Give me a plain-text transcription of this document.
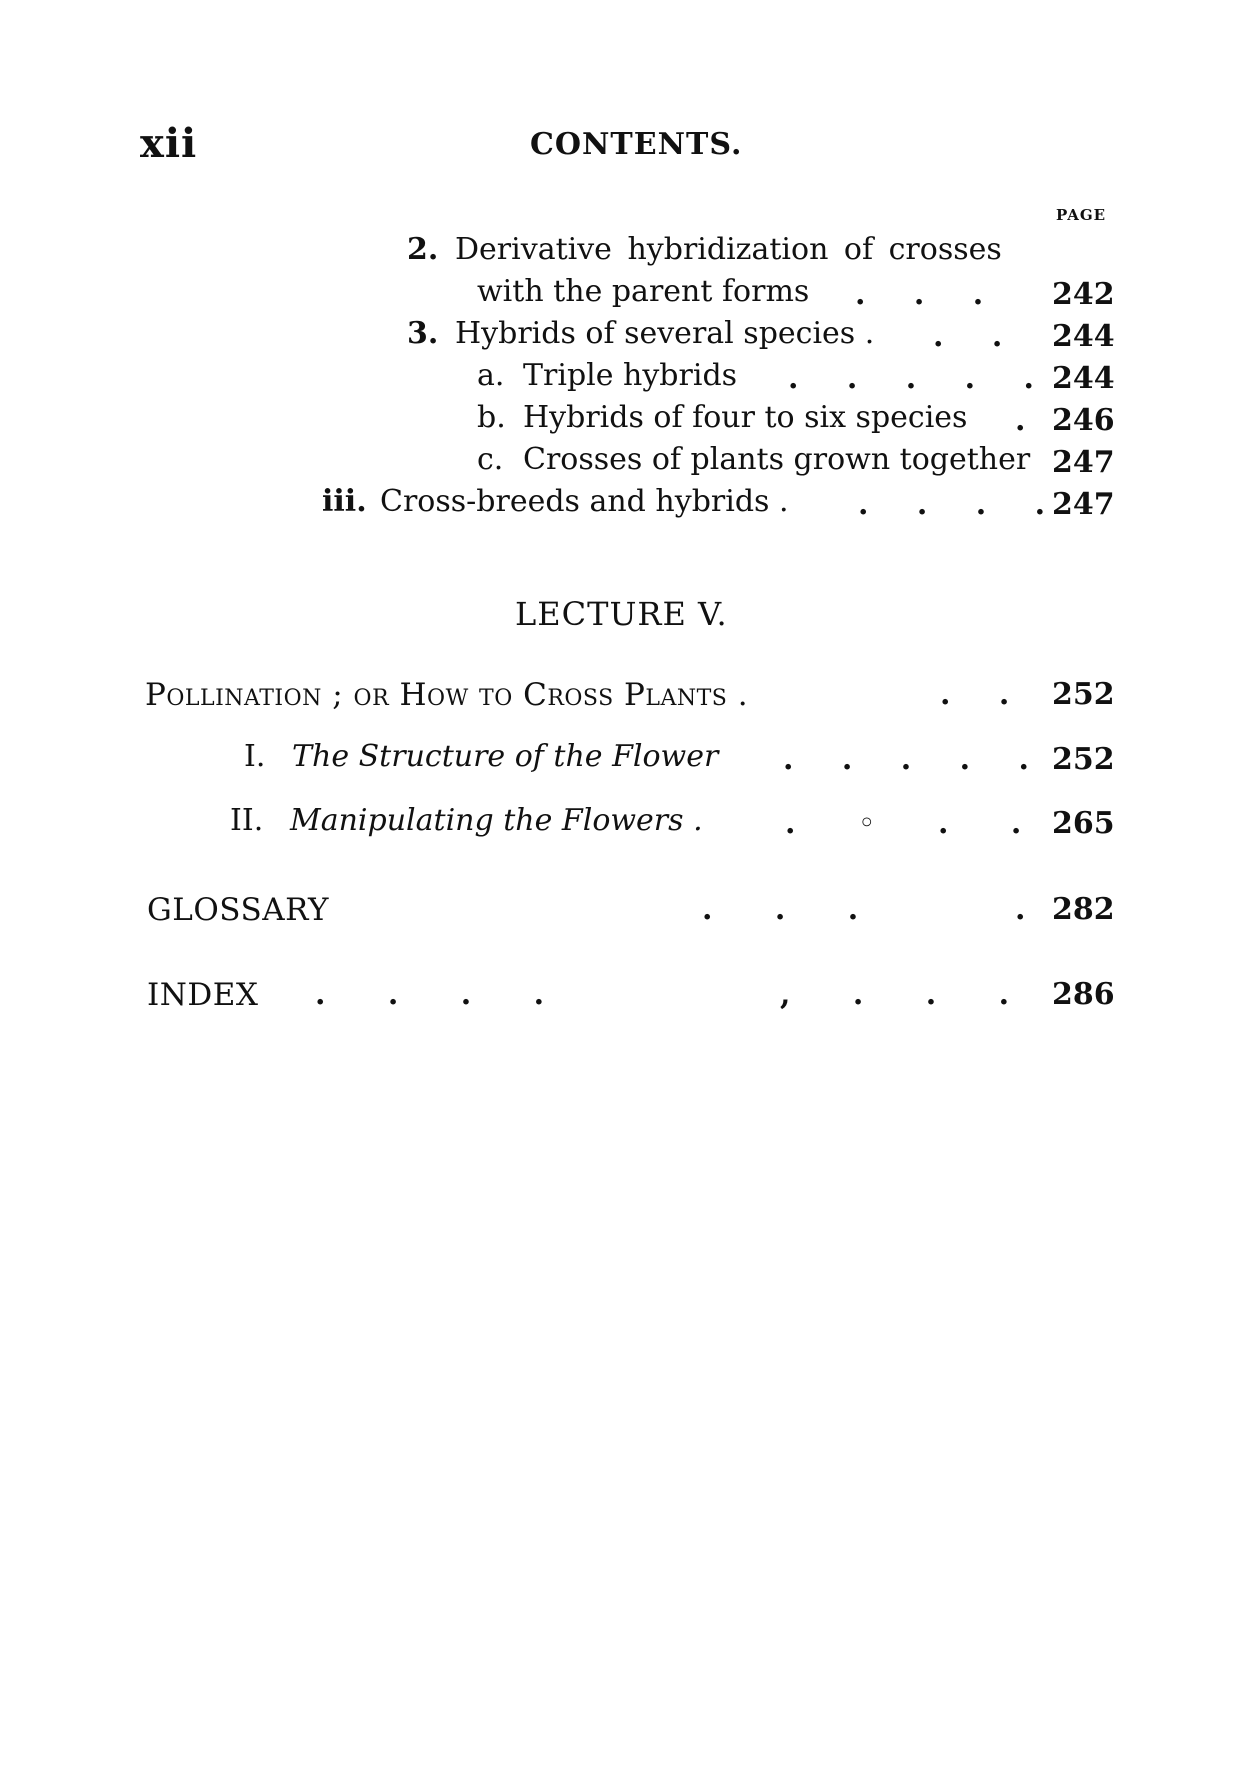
xii	CONTENTS.
PAGE
2. Derivative hybridization of crosses
with the parent forms . . . 242
3. Hybrids of several species . . . 244
a. Triple hybrids . . . . . 244
b. Hybrids of four to six species . 246
c. Crosses of plants grown together 247
iii. Cross-breeds and hybrids . . . . . 247
LECTURE V.
Pollination ; or How to Cross Plants .	. . 252
I. The Structure of the Flower . . . . . 252
II. Manipulating the Flowers .	. ◦ . . 265
GLOSSARY	. . .	. 282
INDEX . . . .	, . . . 286
